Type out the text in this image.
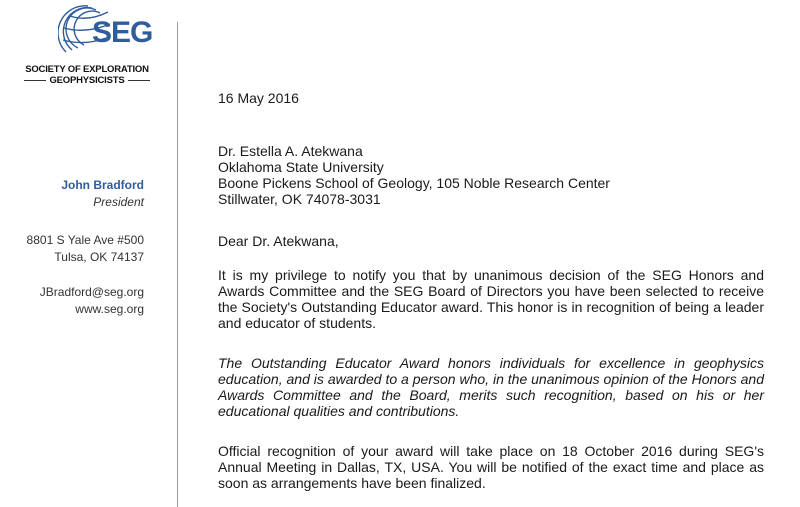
SEG
SOCIETY OF EXPLORATION
GEOPHYSICISTS
John Bradford
President
8801 S Yale Ave #500
Tulsa, OK 74137
JBradford@seg.org
www.seg.org
16 May 2016
Dr. Estella A. Atekwana
Oklahoma State University
Boone Pickens School of Geology, 105 Noble Research Center
Stillwater, OK 74078-3031
Dear Dr. Atekwana,
It is my privilege to notify you that by unanimous decision of the SEG Honors and Awards Committee and the SEG Board of Directors you have been selected to receive the Society's Outstanding Educator award. This honor is in recognition of being a leader and educator of students.
The Outstanding Educator Award honors individuals for excellence in geophysics education, and is awarded to a person who, in the unanimous opinion of the Honors and Awards Committee and the Board, merits such recognition, based on his or her educational qualities and contributions.
Official recognition of your award will take place on 18 October 2016 during SEG's Annual Meeting in Dallas, TX, USA. You will be notified of the exact time and place as soon as arrangements have been finalized.
